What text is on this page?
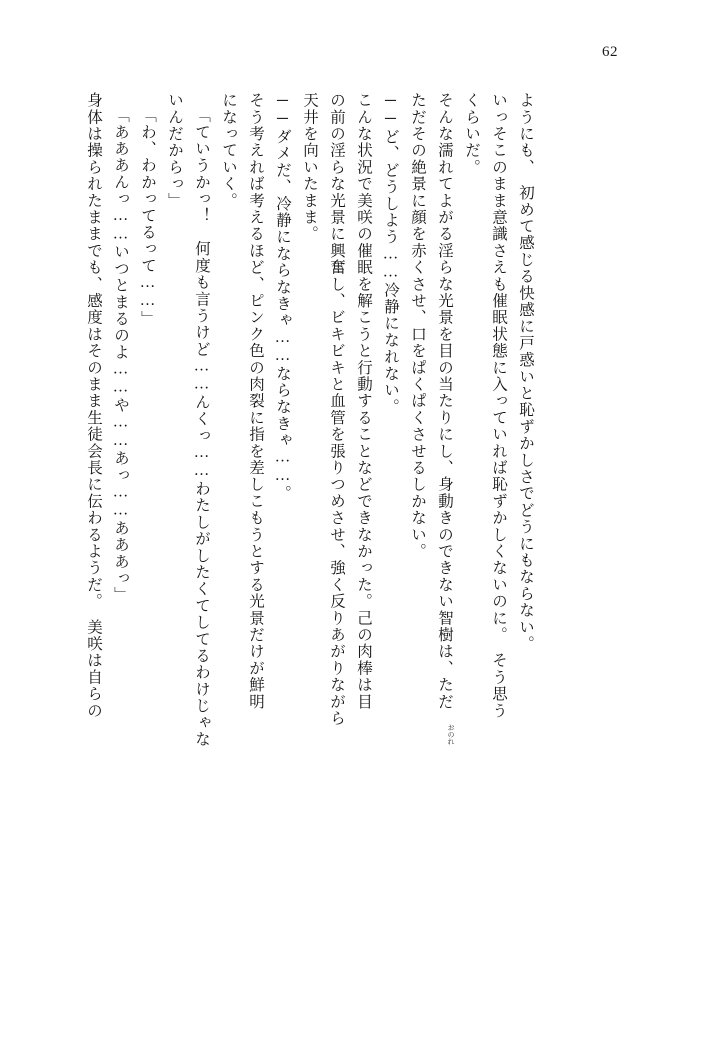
62
身体は操られたままでも、感度はそのまま生徒会長に伝わるようだ。　美咲は自らの 「あああんっ……いつとまるのよ……や……あっ……あああっ」 「わ、わかってるって……」 いんだからっ」 「ていうかっ！　何度も言うけど……んくっ……わたしがしたくてしてるわけじゃな になっていく。 そう考えれば考えるほど、ピンク色の肉裂に指を差しこもうとする光景だけが鮮明 ──ダメだ、冷静にならなきゃ……ならなきゃ……。 天井を向いたまま。 の前の淫らな光景に興奮し、ビキビキと血管を張りつめさせ、強く反りあがりながら こんな状況で美咲の催眠を解こうと行動することなどできなかった。己の肉棒は目 ──ど、どうしよう……冷静になれない。 ただその絶景に顔を赤くさせ、口をぱくぱくさせるしかない。 そんな濡れてよがる淫らな光景を目の当たりにし、身動きのできない智樹は、ただ くらいだ。 いっそこのまま意識さえも催眠状態に入っていれば恥ずかしくないのに。　そう思う ようにも、　初めて感じる快感に戸惑いと恥ずかしさでどうにもならない。
おのれ
